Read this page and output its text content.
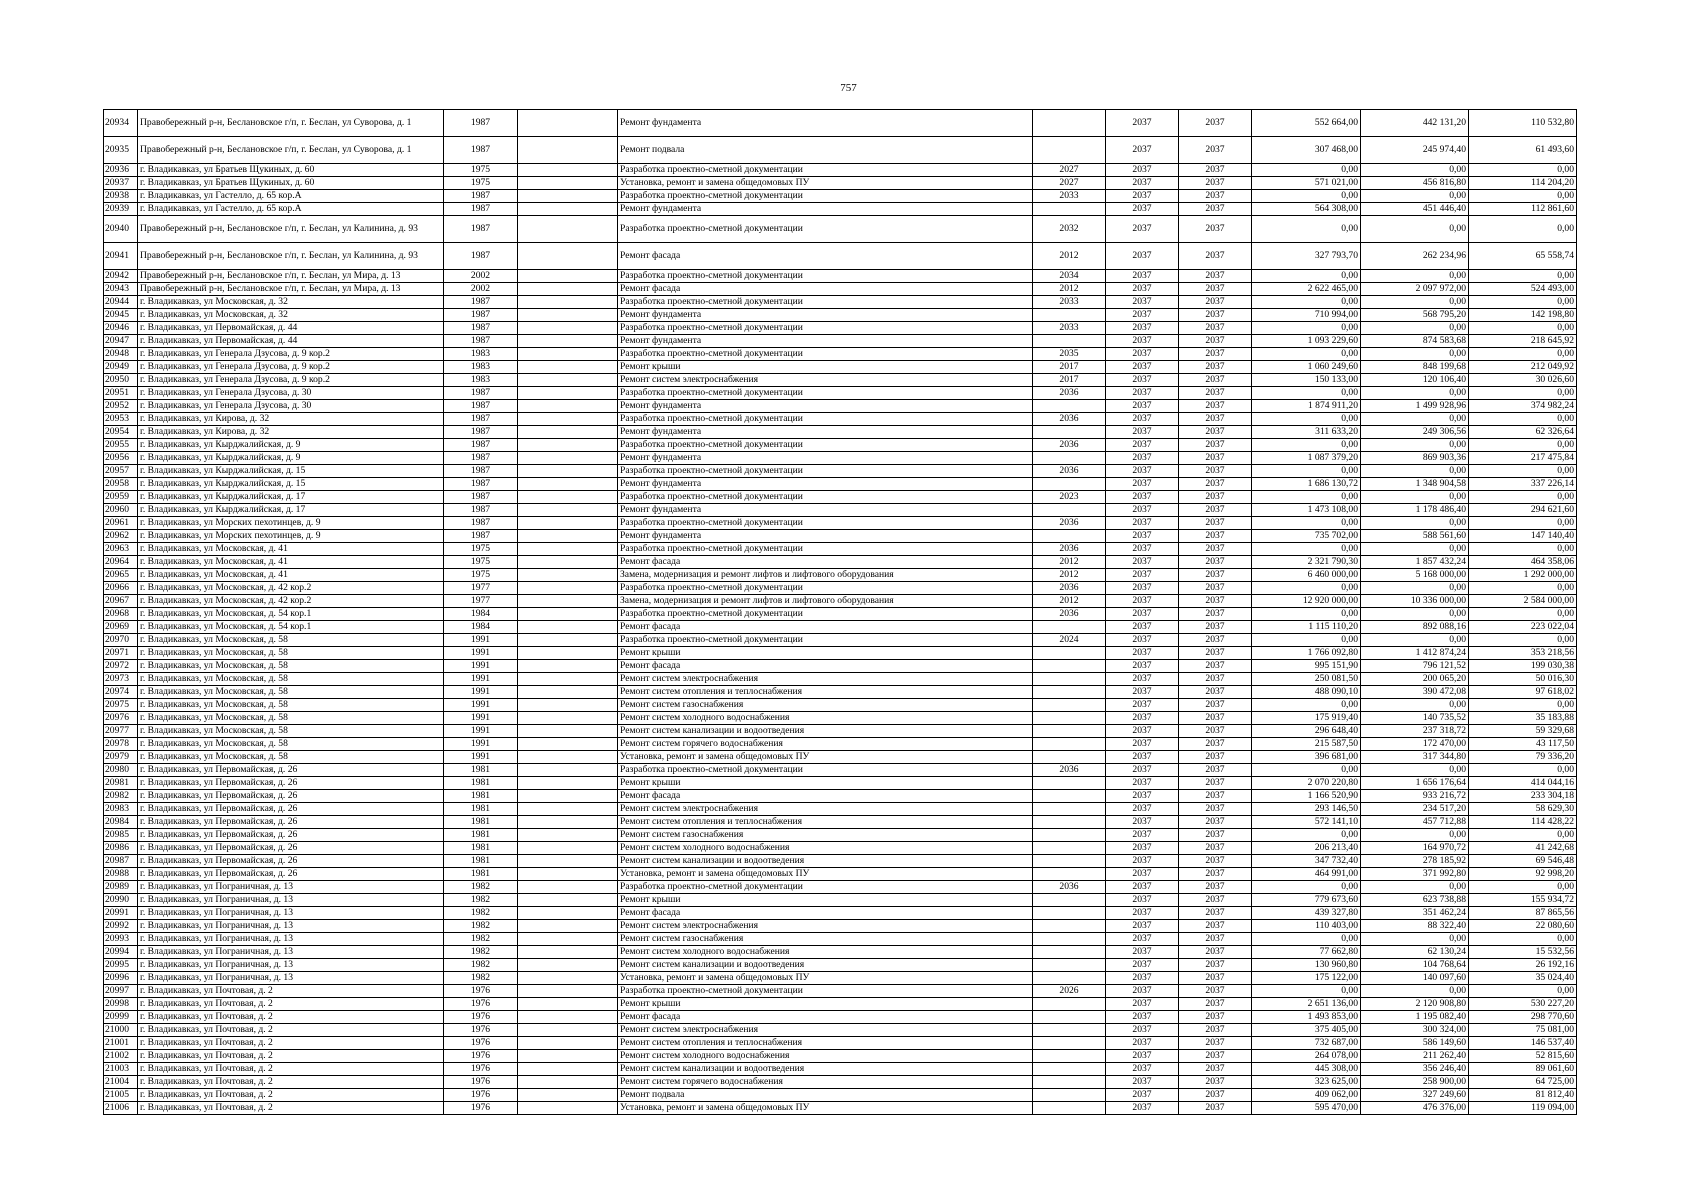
757
20934	Правобережный р-н, Беслановское г/п, г. Беслан, ул Суворова, д. 1	1987		Ремонт фундамента		2037	2037	552 664,00	442 131,20	110 532,80
20935	Правобережный р-н, Беслановское г/п, г. Беслан, ул Суворова, д. 1	1987		Ремонт подвала		2037	2037	307 468,00	245 974,40	61 493,60
20936	г. Владикавказ, ул Братьев Щукиных, д. 60	1975		Разработка проектно-сметной документации	2027	2037	2037	0,00	0,00	0,00
20937	г. Владикавказ, ул Братьев Щукиных, д. 60	1975		Установка, ремонт и замена общедомовых ПУ	2027	2037	2037	571 021,00	456 816,80	114 204,20
20938	г. Владикавказ, ул Гастелло, д. 65 кор.А	1987		Разработка проектно-сметной документации	2033	2037	2037	0,00	0,00	0,00
20939	г. Владикавказ, ул Гастелло, д. 65 кор.А	1987		Ремонт фундамента		2037	2037	564 308,00	451 446,40	112 861,60
20940	Правобережный р-н, Беслановское г/п, г. Беслан, ул Калинина, д. 93	1987		Разработка проектно-сметной документации	2032	2037	2037	0,00	0,00	0,00
20941	Правобережный р-н, Беслановское г/п, г. Беслан, ул Калинина, д. 93	1987		Ремонт фасада	2012	2037	2037	327 793,70	262 234,96	65 558,74
20942	Правобережный р-н, Беслановское г/п, г. Беслан, ул Мира, д. 13	2002		Разработка проектно-сметной документации	2034	2037	2037	0,00	0,00	0,00
20943	Правобережный р-н, Беслановское г/п, г. Беслан, ул Мира, д. 13	2002		Ремонт фасада	2012	2037	2037	2 622 465,00	2 097 972,00	524 493,00
20944	г. Владикавказ, ул Московская, д. 32	1987		Разработка проектно-сметной документации	2033	2037	2037	0,00	0,00	0,00
20945	г. Владикавказ, ул Московская, д. 32	1987		Ремонт фундамента		2037	2037	710 994,00	568 795,20	142 198,80
20946	г. Владикавказ, ул Первомайская, д. 44	1987		Разработка проектно-сметной документации	2033	2037	2037	0,00	0,00	0,00
20947	г. Владикавказ, ул Первомайская, д. 44	1987		Ремонт фундамента		2037	2037	1 093 229,60	874 583,68	218 645,92
20948	г. Владикавказ, ул Генерала Дзусова, д. 9 кор.2	1983		Разработка проектно-сметной документации	2035	2037	2037	0,00	0,00	0,00
20949	г. Владикавказ, ул Генерала Дзусова, д. 9 кор.2	1983		Ремонт крыши	2017	2037	2037	1 060 249,60	848 199,68	212 049,92
20950	г. Владикавказ, ул Генерала Дзусова, д. 9 кор.2	1983		Ремонт систем электроснабжения	2017	2037	2037	150 133,00	120 106,40	30 026,60
20951	г. Владикавказ, ул Генерала Дзусова, д. 30	1987		Разработка проектно-сметной документации	2036	2037	2037	0,00	0,00	0,00
20952	г. Владикавказ, ул Генерала Дзусова, д. 30	1987		Ремонт фундамента		2037	2037	1 874 911,20	1 499 928,96	374 982,24
20953	г. Владикавказ, ул Кирова, д. 32	1987		Разработка проектно-сметной документации	2036	2037	2037	0,00	0,00	0,00
20954	г. Владикавказ, ул Кирова, д. 32	1987		Ремонт фундамента		2037	2037	311 633,20	249 306,56	62 326,64
20955	г. Владикавказ, ул Кырджалийская, д. 9	1987		Разработка проектно-сметной документации	2036	2037	2037	0,00	0,00	0,00
20956	г. Владикавказ, ул Кырджалийская, д. 9	1987		Ремонт фундамента		2037	2037	1 087 379,20	869 903,36	217 475,84
20957	г. Владикавказ, ул Кырджалийская, д. 15	1987		Разработка проектно-сметной документации	2036	2037	2037	0,00	0,00	0,00
20958	г. Владикавказ, ул Кырджалийская, д. 15	1987		Ремонт фундамента		2037	2037	1 686 130,72	1 348 904,58	337 226,14
20959	г. Владикавказ, ул Кырджалийская, д. 17	1987		Разработка проектно-сметной документации	2023	2037	2037	0,00	0,00	0,00
20960	г. Владикавказ, ул Кырджалийская, д. 17	1987		Ремонт фундамента		2037	2037	1 473 108,00	1 178 486,40	294 621,60
20961	г. Владикавказ, ул Морских пехотинцев, д. 9	1987		Разработка проектно-сметной документации	2036	2037	2037	0,00	0,00	0,00
20962	г. Владикавказ, ул Морских пехотинцев, д. 9	1987		Ремонт фундамента		2037	2037	735 702,00	588 561,60	147 140,40
20963	г. Владикавказ, ул Московская, д. 41	1975		Разработка проектно-сметной документации	2036	2037	2037	0,00	0,00	0,00
20964	г. Владикавказ, ул Московская, д. 41	1975		Ремонт фасада	2012	2037	2037	2 321 790,30	1 857 432,24	464 358,06
20965	г. Владикавказ, ул Московская, д. 41	1975		Замена, модернизация и ремонт лифтов и лифтового оборудования	2012	2037	2037	6 460 000,00	5 168 000,00	1 292 000,00
20966	г. Владикавказ, ул Московская, д. 42 кор.2	1977		Разработка проектно-сметной документации	2036	2037	2037	0,00	0,00	0,00
20967	г. Владикавказ, ул Московская, д. 42 кор.2	1977		Замена, модернизация и ремонт лифтов и лифтового оборудования	2012	2037	2037	12 920 000,00	10 336 000,00	2 584 000,00
20968	г. Владикавказ, ул Московская, д. 54 кор.1	1984		Разработка проектно-сметной документации	2036	2037	2037	0,00	0,00	0,00
20969	г. Владикавказ, ул Московская, д. 54 кор.1	1984		Ремонт фасада		2037	2037	1 115 110,20	892 088,16	223 022,04
20970	г. Владикавказ, ул Московская, д. 58	1991		Разработка проектно-сметной документации	2024	2037	2037	0,00	0,00	0,00
20971	г. Владикавказ, ул Московская, д. 58	1991		Ремонт крыши		2037	2037	1 766 092,80	1 412 874,24	353 218,56
20972	г. Владикавказ, ул Московская, д. 58	1991		Ремонт фасада		2037	2037	995 151,90	796 121,52	199 030,38
20973	г. Владикавказ, ул Московская, д. 58	1991		Ремонт систем электроснабжения		2037	2037	250 081,50	200 065,20	50 016,30
20974	г. Владикавказ, ул Московская, д. 58	1991		Ремонт систем отопления и теплоснабжения		2037	2037	488 090,10	390 472,08	97 618,02
20975	г. Владикавказ, ул Московская, д. 58	1991		Ремонт систем газоснабжения		2037	2037	0,00	0,00	0,00
20976	г. Владикавказ, ул Московская, д. 58	1991		Ремонт систем холодного водоснабжения		2037	2037	175 919,40	140 735,52	35 183,88
20977	г. Владикавказ, ул Московская, д. 58	1991		Ремонт систем канализации и водоотведения		2037	2037	296 648,40	237 318,72	59 329,68
20978	г. Владикавказ, ул Московская, д. 58	1991		Ремонт систем горячего водоснабжения		2037	2037	215 587,50	172 470,00	43 117,50
20979	г. Владикавказ, ул Московская, д. 58	1991		Установка, ремонт и замена общедомовых ПУ		2037	2037	396 681,00	317 344,80	79 336,20
20980	г. Владикавказ, ул Первомайская, д. 26	1981		Разработка проектно-сметной документации	2036	2037	2037	0,00	0,00	0,00
20981	г. Владикавказ, ул Первомайская, д. 26	1981		Ремонт крыши		2037	2037	2 070 220,80	1 656 176,64	414 044,16
20982	г. Владикавказ, ул Первомайская, д. 26	1981		Ремонт фасада		2037	2037	1 166 520,90	933 216,72	233 304,18
20983	г. Владикавказ, ул Первомайская, д. 26	1981		Ремонт систем электроснабжения		2037	2037	293 146,50	234 517,20	58 629,30
20984	г. Владикавказ, ул Первомайская, д. 26	1981		Ремонт систем отопления и теплоснабжения		2037	2037	572 141,10	457 712,88	114 428,22
20985	г. Владикавказ, ул Первомайская, д. 26	1981		Ремонт систем газоснабжения		2037	2037	0,00	0,00	0,00
20986	г. Владикавказ, ул Первомайская, д. 26	1981		Ремонт систем холодного водоснабжения		2037	2037	206 213,40	164 970,72	41 242,68
20987	г. Владикавказ, ул Первомайская, д. 26	1981		Ремонт систем канализации и водоотведения		2037	2037	347 732,40	278 185,92	69 546,48
20988	г. Владикавказ, ул Первомайская, д. 26	1981		Установка, ремонт и замена общедомовых ПУ		2037	2037	464 991,00	371 992,80	92 998,20
20989	г. Владикавказ, ул Пограничная, д. 13	1982		Разработка проектно-сметной документации	2036	2037	2037	0,00	0,00	0,00
20990	г. Владикавказ, ул Пограничная, д. 13	1982		Ремонт крыши		2037	2037	779 673,60	623 738,88	155 934,72
20991	г. Владикавказ, ул Пограничная, д. 13	1982		Ремонт фасада		2037	2037	439 327,80	351 462,24	87 865,56
20992	г. Владикавказ, ул Пограничная, д. 13	1982		Ремонт систем электроснабжения		2037	2037	110 403,00	88 322,40	22 080,60
20993	г. Владикавказ, ул Пограничная, д. 13	1982		Ремонт систем газоснабжения		2037	2037	0,00	0,00	0,00
20994	г. Владикавказ, ул Пограничная, д. 13	1982		Ремонт систем холодного водоснабжения		2037	2037	77 662,80	62 130,24	15 532,56
20995	г. Владикавказ, ул Пограничная, д. 13	1982		Ремонт систем канализации и водоотведения		2037	2037	130 960,80	104 768,64	26 192,16
20996	г. Владикавказ, ул Пограничная, д. 13	1982		Установка, ремонт и замена общедомовых ПУ		2037	2037	175 122,00	140 097,60	35 024,40
20997	г. Владикавказ, ул Почтовая, д. 2	1976		Разработка проектно-сметной документации	2026	2037	2037	0,00	0,00	0,00
20998	г. Владикавказ, ул Почтовая, д. 2	1976		Ремонт крыши		2037	2037	2 651 136,00	2 120 908,80	530 227,20
20999	г. Владикавказ, ул Почтовая, д. 2	1976		Ремонт фасада		2037	2037	1 493 853,00	1 195 082,40	298 770,60
21000	г. Владикавказ, ул Почтовая, д. 2	1976		Ремонт систем электроснабжения		2037	2037	375 405,00	300 324,00	75 081,00
21001	г. Владикавказ, ул Почтовая, д. 2	1976		Ремонт систем отопления и теплоснабжения		2037	2037	732 687,00	586 149,60	146 537,40
21002	г. Владикавказ, ул Почтовая, д. 2	1976		Ремонт систем холодного водоснабжения		2037	2037	264 078,00	211 262,40	52 815,60
21003	г. Владикавказ, ул Почтовая, д. 2	1976		Ремонт систем канализации и водоотведения		2037	2037	445 308,00	356 246,40	89 061,60
21004	г. Владикавказ, ул Почтовая, д. 2	1976		Ремонт систем горячего водоснабжения		2037	2037	323 625,00	258 900,00	64 725,00
21005	г. Владикавказ, ул Почтовая, д. 2	1976		Ремонт подвала		2037	2037	409 062,00	327 249,60	81 812,40
21006	г. Владикавказ, ул Почтовая, д. 2	1976		Установка, ремонт и замена общедомовых ПУ		2037	2037	595 470,00	476 376,00	119 094,00
